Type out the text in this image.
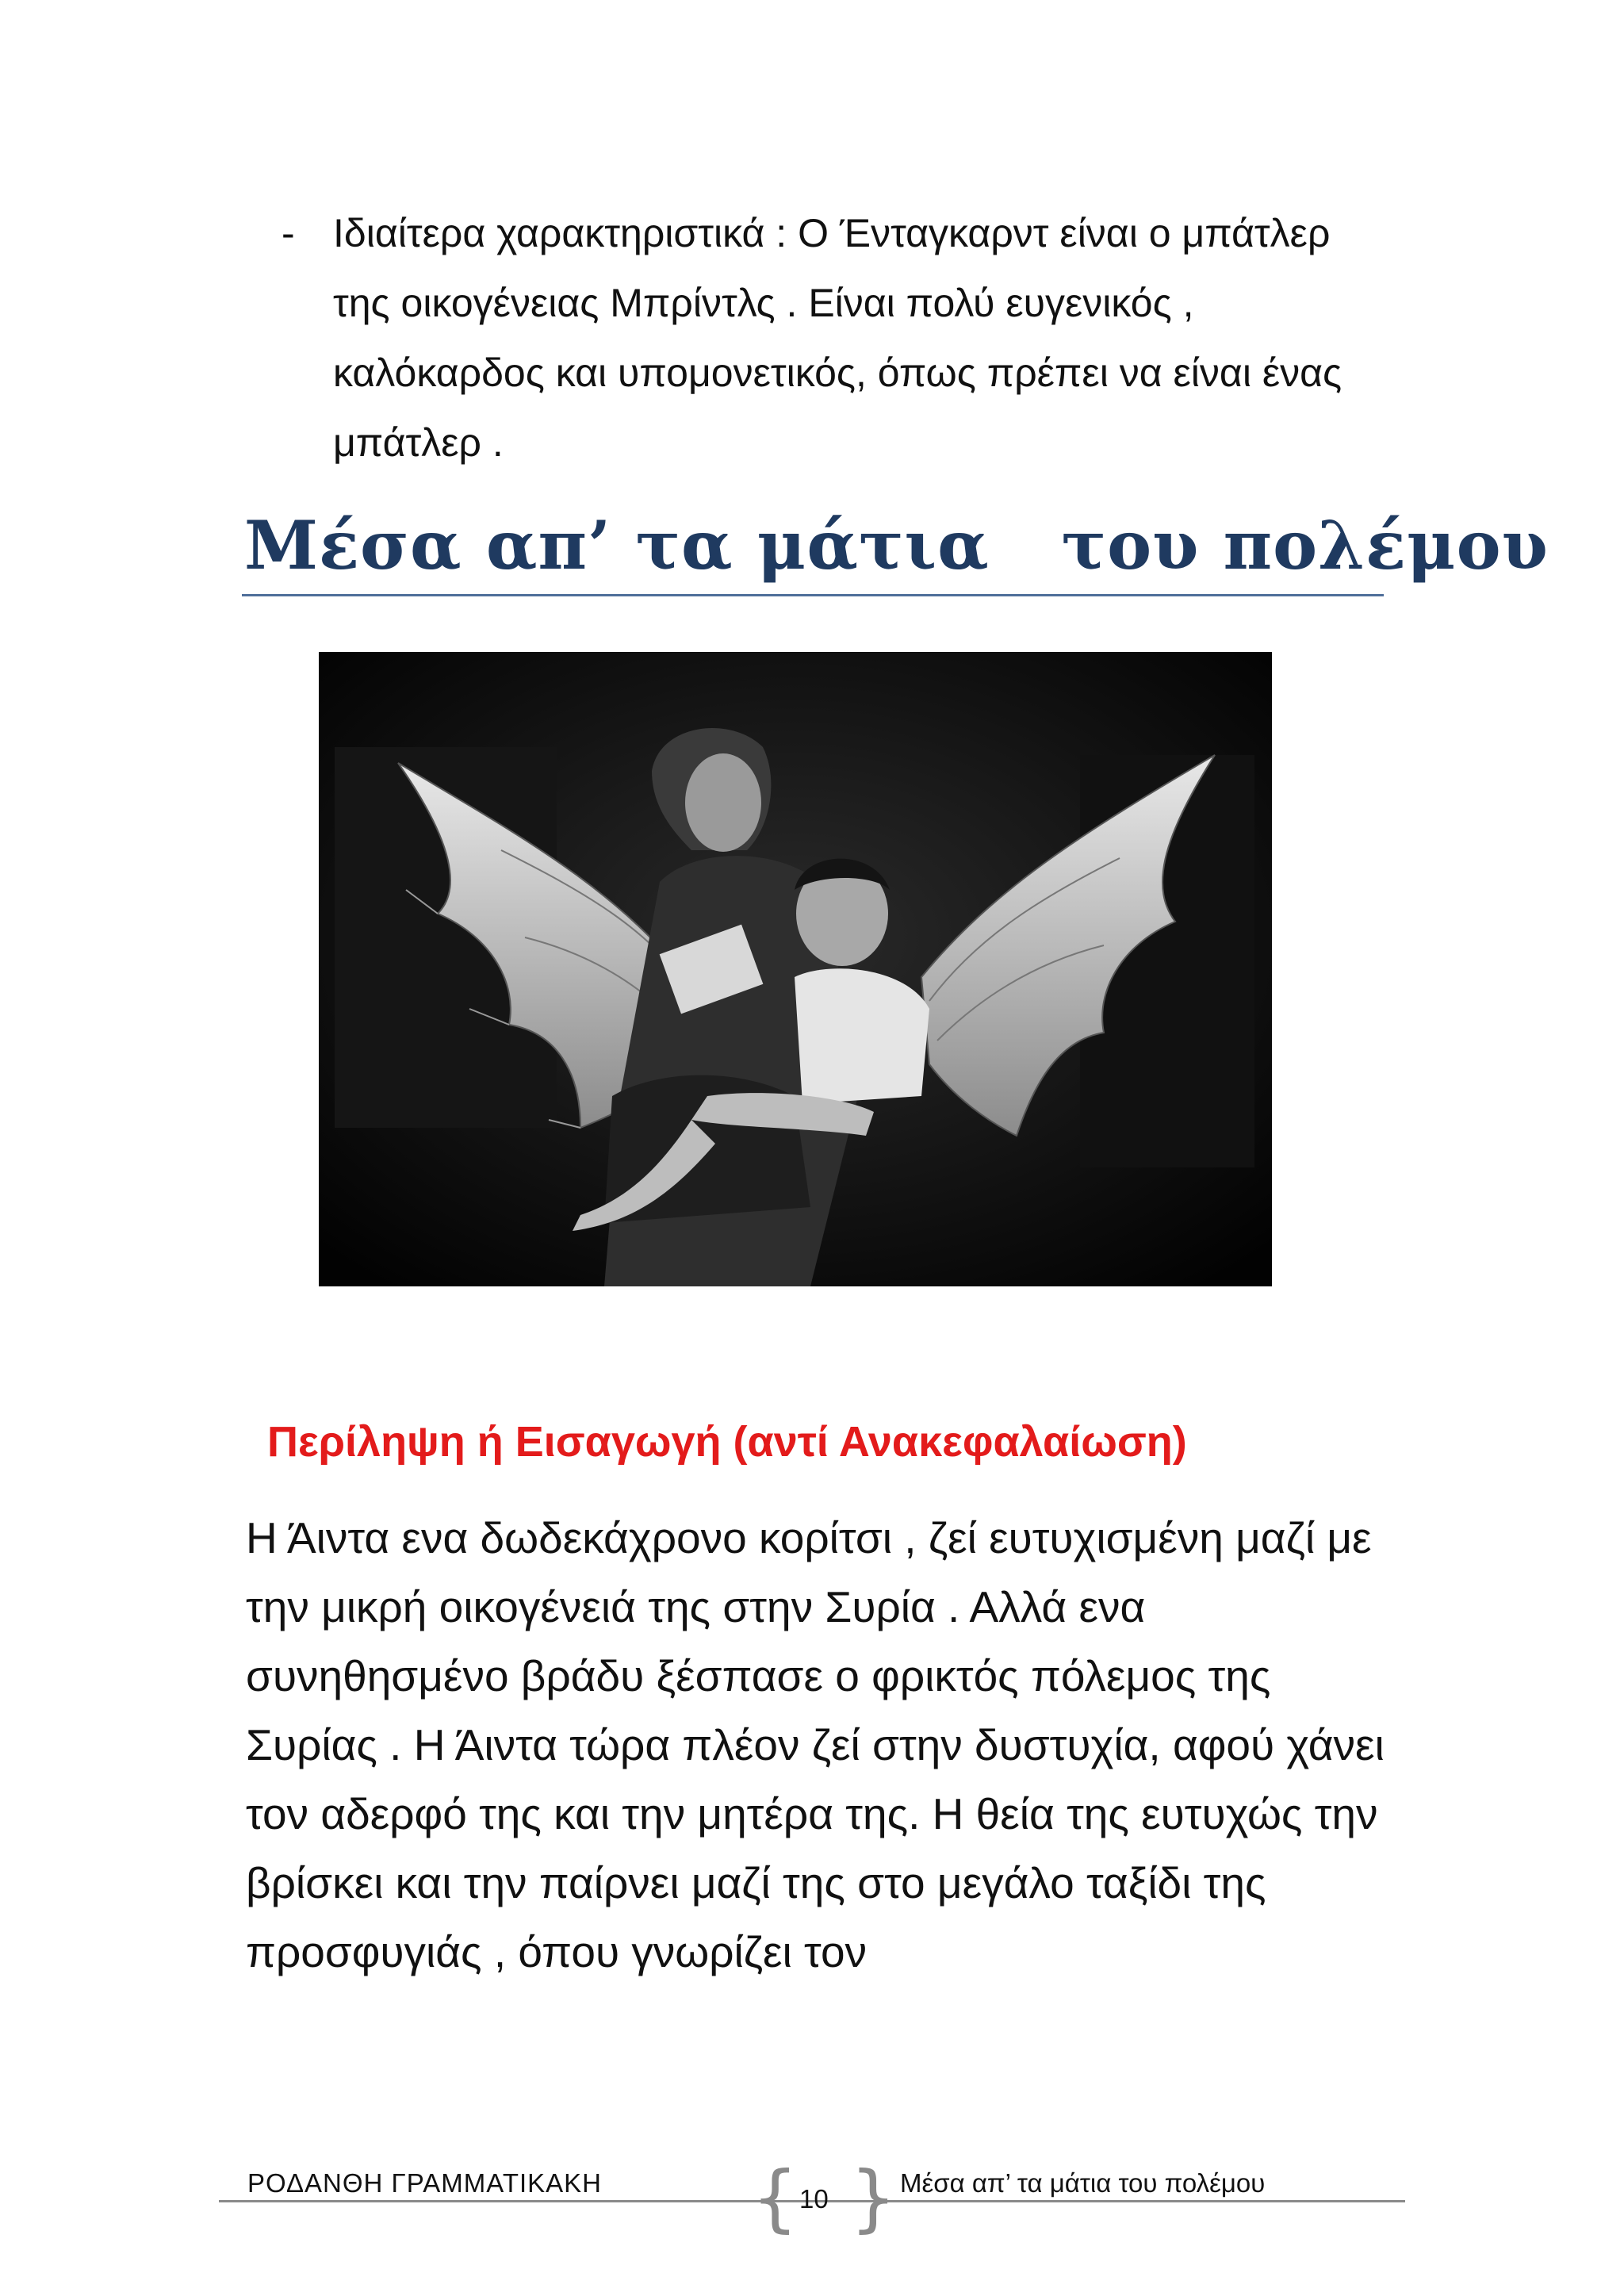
- Ιδιαίτερα χαρακτηριστικά : Ο Ένταγκαρντ είναι ο μπάτλερ της οικογένειας Μπρίντλς . Είναι πολύ ευγενικός , καλόκαρδος και υπομονετικός, όπως πρέπει να είναι ένας μπάτλερ .

Μέσα απ’ τα μάτια   του πολέμου
Περίληψη ή Εισαγωγή (αντί Ανακεφαλαίωση)

Η Άιντα ενα δωδεκάχρονο κορίτσι , ζεί ευτυχισμένη μαζί με την μικρή οικογένειά της στην Συρία . Αλλά ενα συνηθησμένο βράδυ ξέσπασε ο φρικτός πόλεμος της Συρίας . Η Άιντα τώρα πλέον ζεί στην δυστυχία, αφού χάνει τον αδερφό της και την μητέρα της. Η θεία της ευτυχώς την βρίσκει και την παίρνει μαζί της στο μεγάλο ταξίδι της προσφυγιάς , όπου γνωρίζει τον

ΡΟΔΑΝΘΗ ΓΡΑΜΜΑΤΙΚΑΚΗ { 10 } Μέσα απ’ τα μάτια του πολέμου
